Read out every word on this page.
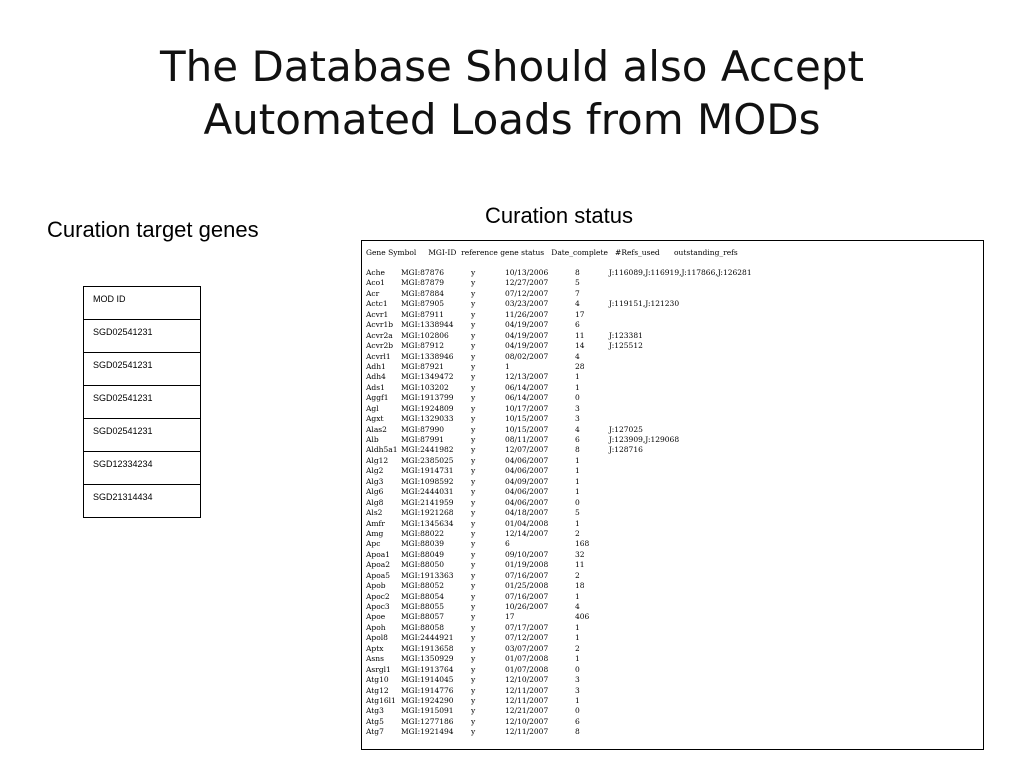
The Database Should also Accept
Automated Loads from MODs
Curation target genes
Curation status
MOD ID
SGD02541231
SGD02541231
SGD02541231
SGD02541231
SGD12334234
SGD21314434
Gene Symbol     MGI-ID  reference gene status   Date_complete   #Refs_used      outstanding_refs
Ache MGI:87876	y	10/13/2006	8	J:116089,J:116919,J:117866,J:126281
Aco1 MGI:87879	y	12/27/2007	5
Acr	MGI:87884	y	07/12/2007	7
Actc1 MGI:87905	y	03/23/2007	4	J:119151,J:121230
Acvr1 MGI:87911	y	11/26/2007	17
Acvr1b MGI:1338944 y	04/19/2007	6
Acvr2a MGI:102806	y	04/19/2007	11	J:123381
Acvr2b MGI:87912	y	04/19/2007	14	J:125512
Acvrl1 MGI:1338946 y	08/02/2007	4
Adh1 MGI:87921	y	1	28
Adh4 MGI:1349472 y	12/13/2007	1
Ads1 MGI:103202	y	06/14/2007	1
Aggf1 MGI:1913799 y	06/14/2007	0
Agl	MGI:1924809 y	10/17/2007	3
Agxt MGI:1329033 y	10/15/2007	3
Alas2 MGI:87990	y	10/15/2007	4	J:127025
Alb	MGI:87991	y	08/11/2007	6	J:123909,J:129068
Aldh5a1 MGI:2441982 y	12/07/2007	8	J:128716
Alg12 MGI:2385025 y	04/06/2007	1
Alg2 MGI:1914731 y	04/06/2007	1
Alg3 MGI:1098592 y	04/09/2007	1
Alg6 MGI:2444031 y	04/06/2007	1
Alg8 MGI:2141959 y	04/06/2007	0
Als2 MGI:1921268 y	04/18/2007	5
Amfr MGI:1345634 y	01/04/2008	1
Amg MGI:88022	y	12/14/2007	2
Apc	MGI:88039	y	6	168
Apoa1 MGI:88049	y	09/10/2007	32
Apoa2 MGI:88050	y	01/19/2008	11
Apoa5 MGI:1913363 y	07/16/2007	2
Apob MGI:88052	y	01/25/2008	18
Apoc2 MGI:88054	y	07/16/2007	1
Apoc3 MGI:88055	y	10/26/2007	4
Apoe MGI:88057	y	17	406
Apoh MGI:88058	y	07/17/2007	1
Apol8 MGI:2444921 y	07/12/2007	1
Aptx MGI:1913658 y	03/07/2007	2
Asns MGI:1350929 y	01/07/2008	1
Asrgl1 MGI:1913764 y	01/07/2008	0
Atg10 MGI:1914045 y	12/10/2007	3
Atg12 MGI:1914776 y	12/11/2007	3
Atg16l1 MGI:1924290 y	12/11/2007	1
Atg3 MGI:1915091 y	12/21/2007	0
Atg5 MGI:1277186 y	12/10/2007	6
Atg7 MGI:1921494 y	12/11/2007	8
